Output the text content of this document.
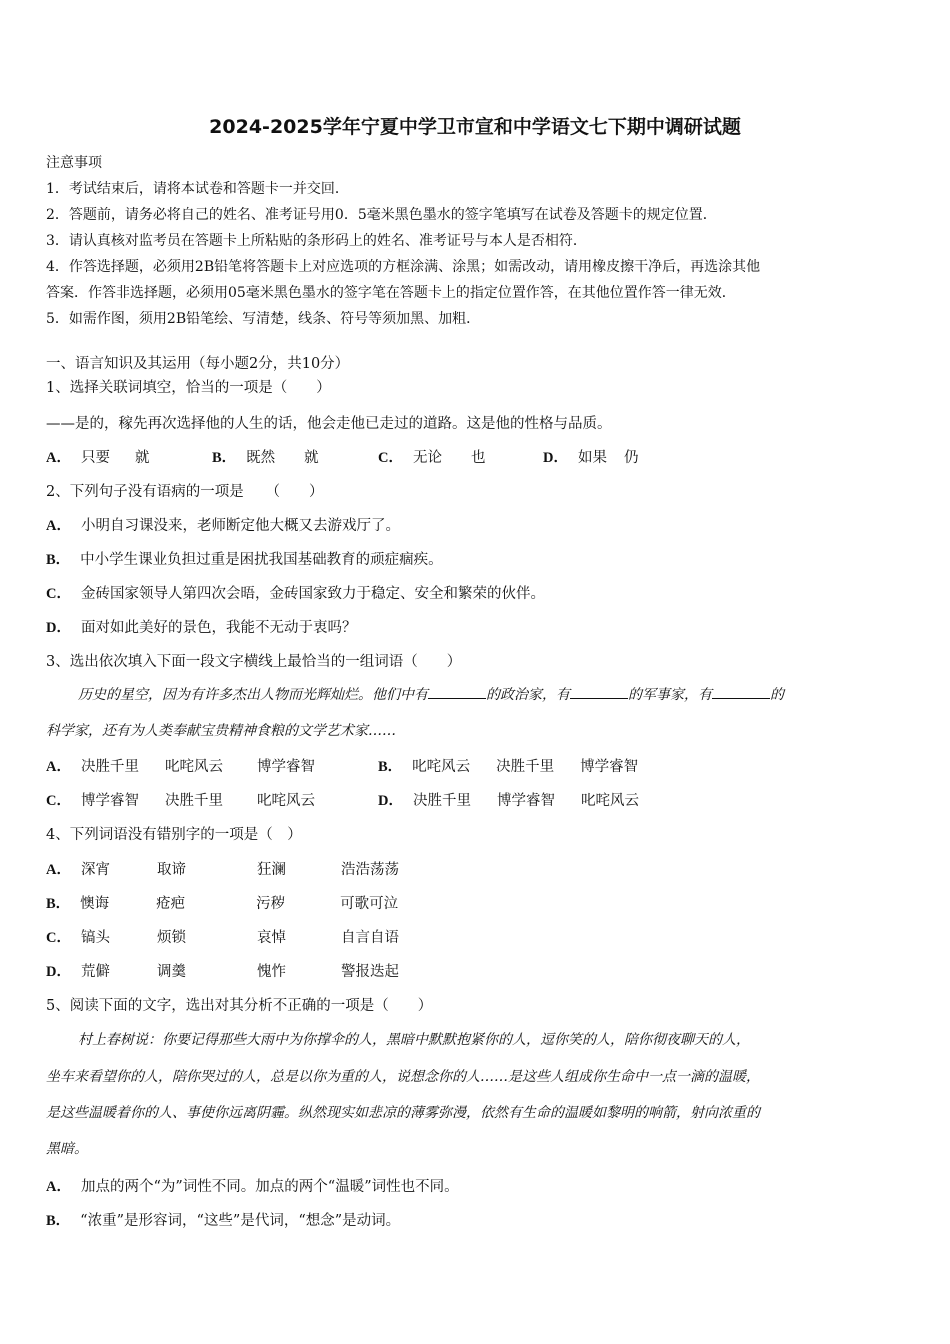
2024-2025学年宁夏中学卫市宣和中学语文七下期中调研试题
注意事项
1．考试结束后，请将本试卷和答题卡一并交回．
2．答题前，请务必将自己的姓名、准考证号用0．5毫米黑色墨水的签字笔填写在试卷及答题卡的规定位置．
3．请认真核对监考员在答题卡上所粘贴的条形码上的姓名、准考证号与本人是否相符．
4．作答选择题，必须用2B铅笔将答题卡上对应选项的方框涂满、涂黑；如需改动，请用橡皮擦干净后，再选涂其他
答案．作答非选择题，必须用05毫米黑色墨水的签字笔在答题卡上的指定位置作答，在其他位置作答一律无效．
5．如需作图，须用2B铅笔绘、写清楚，线条、符号等须加黑、加粗．
一、语言知识及其运用（每小题2分，共10分）
1、选择关联词填空，恰当的一项是（　　）
——是的，稼先再次选择他的人生的话，他会走他已走过的道路。这是他的性格与品质。
A． 只要 就	B． 既然 就	C． 无论 也	D． 如果 仍
2、下列句子没有语病的一项是　　（　　）
A． 小明自习课没来，老师断定他大概又去游戏厅了。
B． 中小学生课业负担过重是困扰我国基础教育的顽症痼疾。
C． 金砖国家领导人第四次会晤，金砖国家致力于稳定、安全和繁荣的伙伴。
D． 面对如此美好的景色，我能不无动于衷吗？
3、选出依次填入下面一段文字横线上最恰当的一组词语（　　）
历史的星空，因为有许多杰出人物而光辉灿烂。他们中有	的政治家，有	的军事家，有	的
科学家，还有为人类奉献宝贵精神食粮的文学艺术家……
A． 决胜千里 叱咤风云 博学睿智	B． 叱咤风云 决胜千里 博学睿智
C． 博学睿智 决胜千里 叱咤风云	D． 决胜千里 博学睿智 叱咤风云
4、下列词语没有错别字的一项是（　）
A． 深宵	取谛	狂澜	浩浩荡荡
B． 懊诲	疮疤	污秽	可歌可泣
C． 镐头	烦锁	哀悼	自言自语
D． 荒僻	调羹	愧怍	警报迭起
5、阅读下面的文字，选出对其分析不正确的一项是（　　）
村上春树说：你要记得那些大雨中为你撑伞的人，黑暗中默默抱紧你的人，逗你笑的人，陪你彻夜聊天的人，
坐车来看望你的人，陪你哭过的人，总是以你为重的人，说想念你的人……是这些人组成你生命中一点一滴的温暖，
是这些温暖着你的人、事使你远离阴霾。纵然现实如悲凉的薄雾弥漫，依然有生命的温暖如黎明的响箭，射向浓重的
黑暗。
A． 加点的两个“为”词性不同。加点的两个“温暖”词性也不同。
B． “浓重”是形容词，“这些”是代词，“想念”是动词。
